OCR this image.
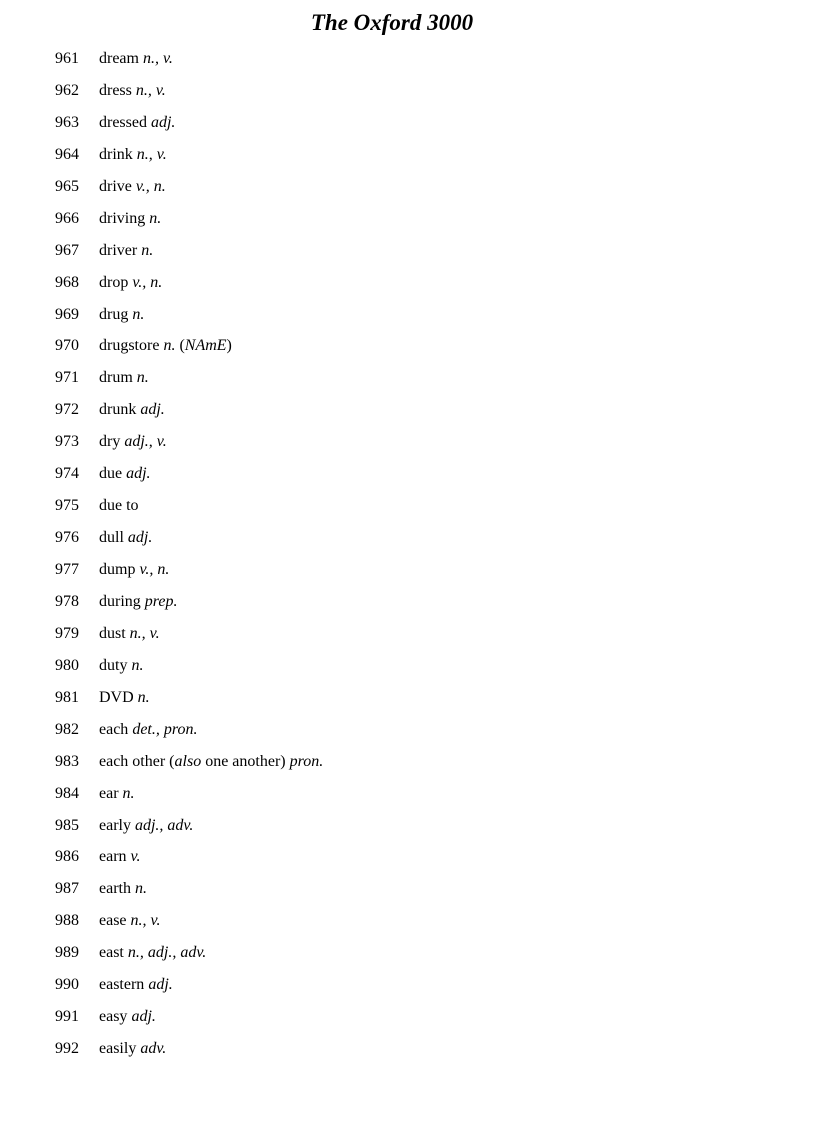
The Oxford 3000
961 dream n., v.
962 dress n., v.
963 dressed adj.
964 drink n., v.
965 drive v., n.
966 driving n.
967 driver n.
968 drop v., n.
969 drug n.
970 drugstore n. (NAmE)
971 drum n.
972 drunk adj.
973 dry adj., v.
974 due adj.
975 due to
976 dull adj.
977 dump v., n.
978 during prep.
979 dust n., v.
980 duty n.
981 DVD n.
982 each det., pron.
983 each other (also one another) pron.
984 ear n.
985 early adj., adv.
986 earn v.
987 earth n.
988 ease n., v.
989 east n., adj., adv.
990 eastern adj.
991 easy adj.
992 easily adv.
